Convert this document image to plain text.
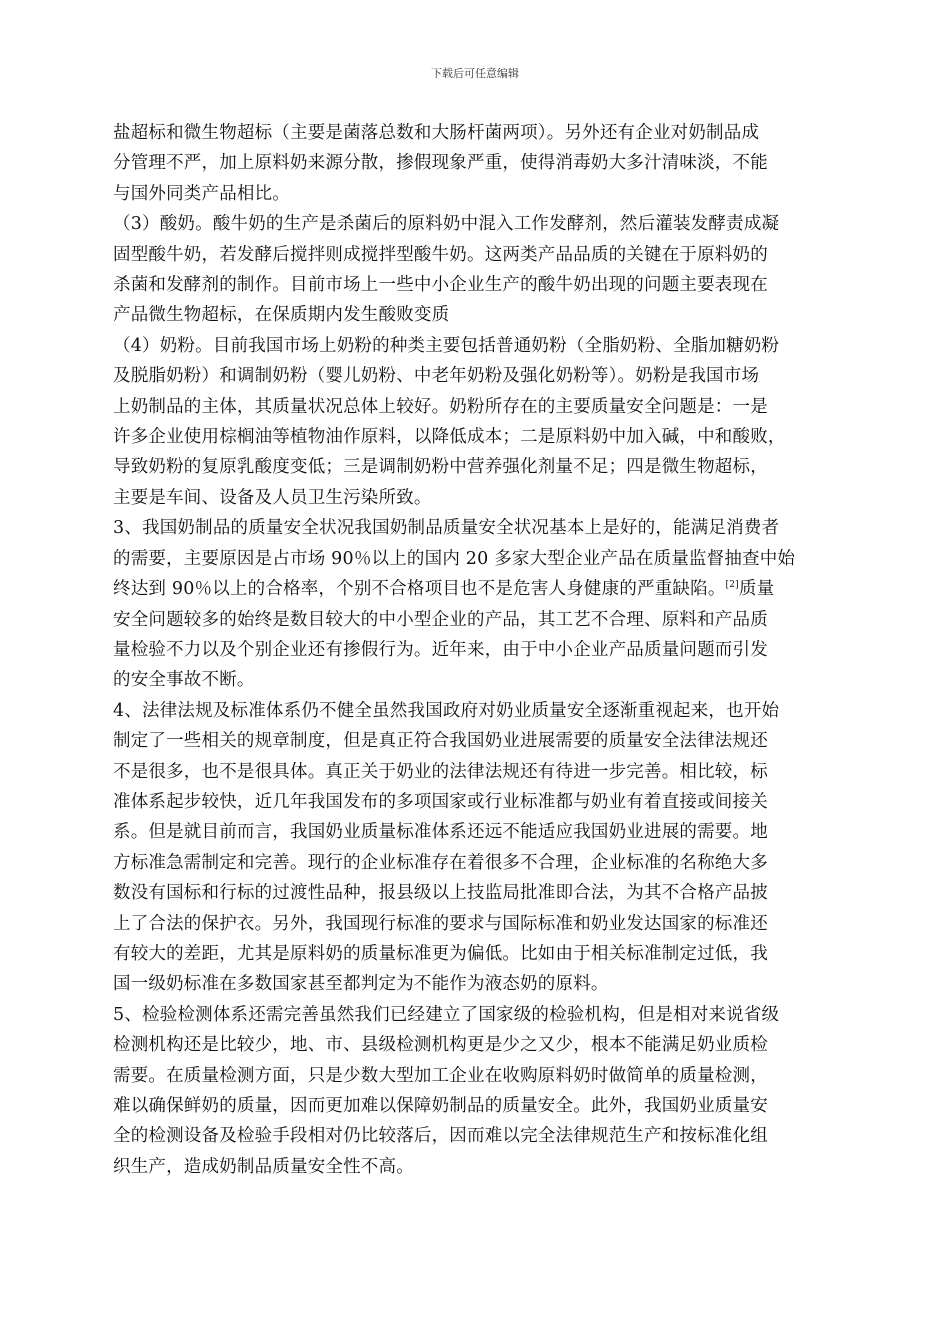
下载后可任意编辑
盐超标和微生物超标（主要是菌落总数和大肠杆菌两项）。另外还有企业对奶制品成
分管理不严，加上原料奶来源分散，掺假现象严重，使得消毒奶大多汁清味淡，不能
与国外同类产品相比。
（3）酸奶。酸牛奶的生产是杀菌后的原料奶中混入工作发酵剂，然后灌装发酵责成凝
固型酸牛奶，若发酵后搅拌则成搅拌型酸牛奶。这两类产品品质的关键在于原料奶的
杀菌和发酵剂的制作。目前市场上一些中小企业生产的酸牛奶出现的问题主要表现在
产品微生物超标，在保质期内发生酸败变质
（4）奶粉。目前我国市场上奶粉的种类主要包括普通奶粉（全脂奶粉、全脂加糖奶粉
及脱脂奶粉）和调制奶粉（婴儿奶粉、中老年奶粉及强化奶粉等）。奶粉是我国市场
上奶制品的主体，其质量状况总体上较好。奶粉所存在的主要质量安全问题是：一是
许多企业使用棕榈油等植物油作原料，以降低成本；二是原料奶中加入碱，中和酸败，
导致奶粉的复原乳酸度变低；三是调制奶粉中营养强化剂量不足；四是微生物超标，
主要是车间、设备及人员卫生污染所致。
3、我国奶制品的质量安全状况我国奶制品质量安全状况基本上是好的，能满足消费者
的需要，主要原因是占市场 90％以上的国内 20 多家大型企业产品在质量监督抽查中始
终达到 90％以上的合格率，个别不合格项目也不是危害人身健康的严重缺陷。[2]质量
安全问题较多的始终是数目较大的中小型企业的产品，其工艺不合理、原料和产品质
量检验不力以及个别企业还有掺假行为。近年来，由于中小企业产品质量问题而引发
的安全事故不断。
4、法律法规及标准体系仍不健全虽然我国政府对奶业质量安全逐渐重视起来，也开始
制定了一些相关的规章制度，但是真正符合我国奶业进展需要的质量安全法律法规还
不是很多，也不是很具体。真正关于奶业的法律法规还有待进一步完善。相比较，标
准体系起步较快，近几年我国发布的多项国家或行业标准都与奶业有着直接或间接关
系。但是就目前而言，我国奶业质量标准体系还远不能适应我国奶业进展的需要。地
方标准急需制定和完善。现行的企业标准存在着很多不合理，企业标准的名称绝大多
数没有国标和行标的过渡性品种，报县级以上技监局批准即合法，为其不合格产品披
上了合法的保护衣。另外，我国现行标准的要求与国际标准和奶业发达国家的标准还
有较大的差距，尤其是原料奶的质量标准更为偏低。比如由于相关标准制定过低，我
国一级奶标准在多数国家甚至都判定为不能作为液态奶的原料。
5、检验检测体系还需完善虽然我们已经建立了国家级的检验机构，但是相对来说省级
检测机构还是比较少，地、市、县级检测机构更是少之又少，根本不能满足奶业质检
需要。在质量检测方面，只是少数大型加工企业在收购原料奶时做简单的质量检测，
难以确保鲜奶的质量，因而更加难以保障奶制品的质量安全。此外，我国奶业质量安
全的检测设备及检验手段相对仍比较落后，因而难以完全法律规范生产和按标准化组
织生产，造成奶制品质量安全性不高。
